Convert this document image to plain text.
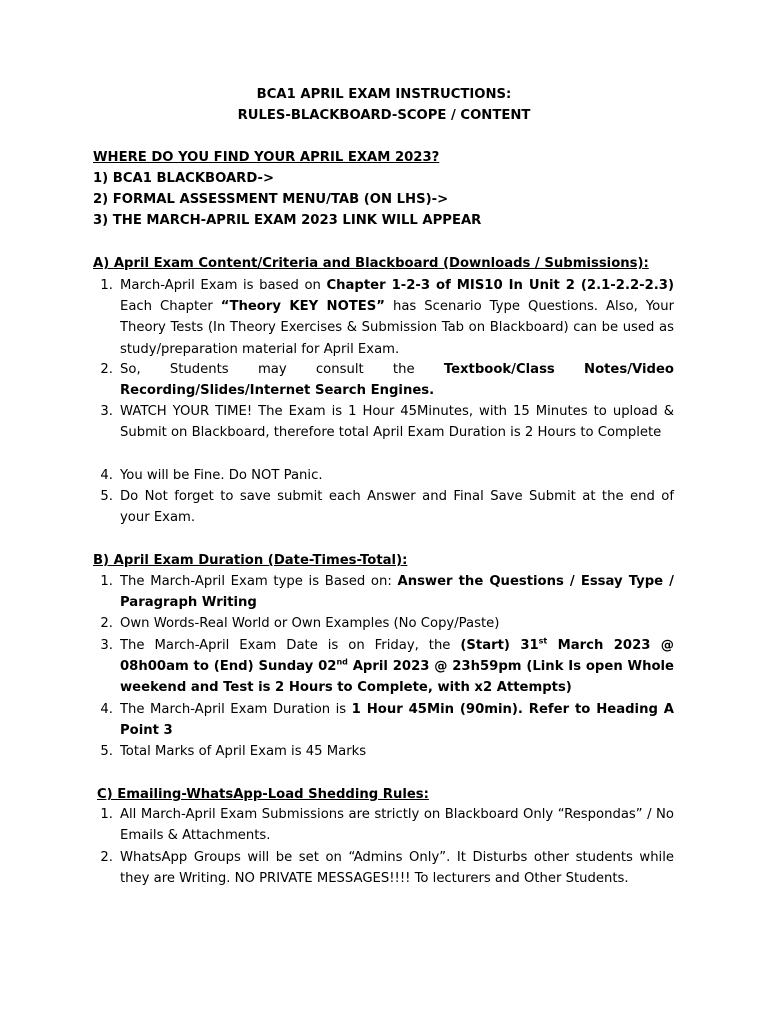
BCA1 APRIL EXAM INSTRUCTIONS:
RULES-BLACKBOARD-SCOPE / CONTENT
WHERE DO YOU FIND YOUR APRIL EXAM 2023?
1) BCA1 BLACKBOARD->
2) FORMAL ASSESSMENT MENU/TAB (ON LHS)->
3) THE MARCH-APRIL EXAM 2023 LINK WILL APPEAR
A) April Exam Content/Criteria and Blackboard (Downloads / Submissions):
1. March-April Exam is based on Chapter 1-2-3 of MIS10 In Unit 2 (2.1-2.2-2.3) Each Chapter “Theory KEY NOTES” has Scenario Type Questions. Also, Your Theory Tests (In Theory Exercises & Submission Tab on Blackboard) can be used as study/preparation material for April Exam.
2. So, Students may consult the Textbook/Class Notes/Video
Recording/Slides/Internet Search Engines.
3. WATCH YOUR TIME! The Exam is 1 Hour 45Minutes, with 15 Minutes to upload & Submit on Blackboard, therefore total April Exam Duration is 2 Hours to Complete
4. You will be Fine. Do NOT Panic.
5. Do Not forget to save submit each Answer and Final Save Submit at the end of your Exam.
B) April Exam Duration (Date-Times-Total):
1. The March-April Exam type is Based on: Answer the Questions / Essay Type / Paragraph Writing
2. Own Words-Real World or Own Examples (No Copy/Paste)
3. The March-April Exam Date is on Friday, the (Start) 31st March 2023 @ 08h00am to (End) Sunday 02nd April 2023 @ 23h59pm (Link Is open Whole weekend and Test is 2 Hours to Complete, with x2 Attempts)
4. The March-April Exam Duration is 1 Hour 45Min (90min). Refer to Heading A Point 3
5. Total Marks of April Exam is 45 Marks
C) Emailing-WhatsApp-Load Shedding Rules:
1. All March-April Exam Submissions are strictly on Blackboard Only “Respondas” / No Emails & Attachments.
2. WhatsApp Groups will be set on “Admins Only”. It Disturbs other students while they are Writing. NO PRIVATE MESSAGES!!!! To lecturers and Other Students.
